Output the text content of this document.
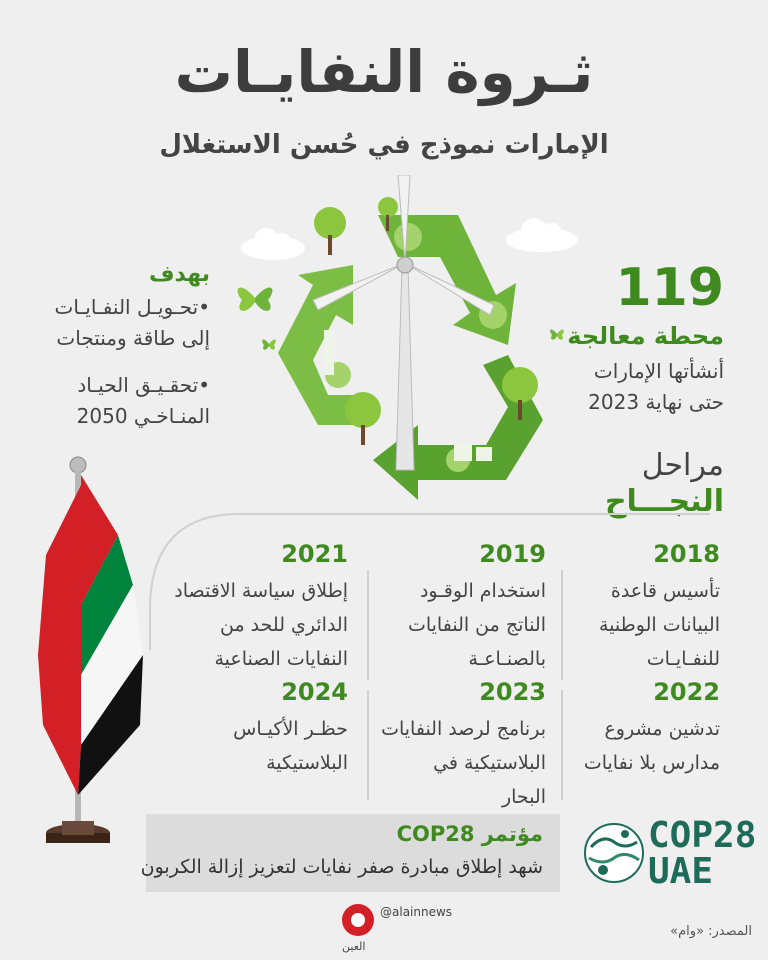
ثـروة النفايـات
الإمارات نموذج في حُسن الاستغلال
119
محطة معالجة
أنشأتها الإمارات
حتى نهاية 2023
بهدف
•تحـويـل النفـايـات
إلى طاقة ومنتجات
•تحقـيـق الحيـاد
المنـاخـي 2050
مراحل
النجـــاح
2018
تأسيس قاعدة
البيانات الوطنية
للنفـايـات
2019
استخدام الوقـود
الناتج من النفايات
بالصنـاعـة
2021
إطلاق سياسة الاقتصاد
الدائري للحد من
النفايات الصناعية
2022
تدشين مشروع
مدارس بلا نفايات
2023
برنامج لرصد النفايات
البلاستيكية في
البحار
2024
حظـر الأكيـاس
البلاستيكية
مؤتمر COP28
شهد إطلاق مبادرة صفر نفايات لتعزيز إزالة الكربون
COP28
UAE
المصدر: «وام»
العين
@alainnews
